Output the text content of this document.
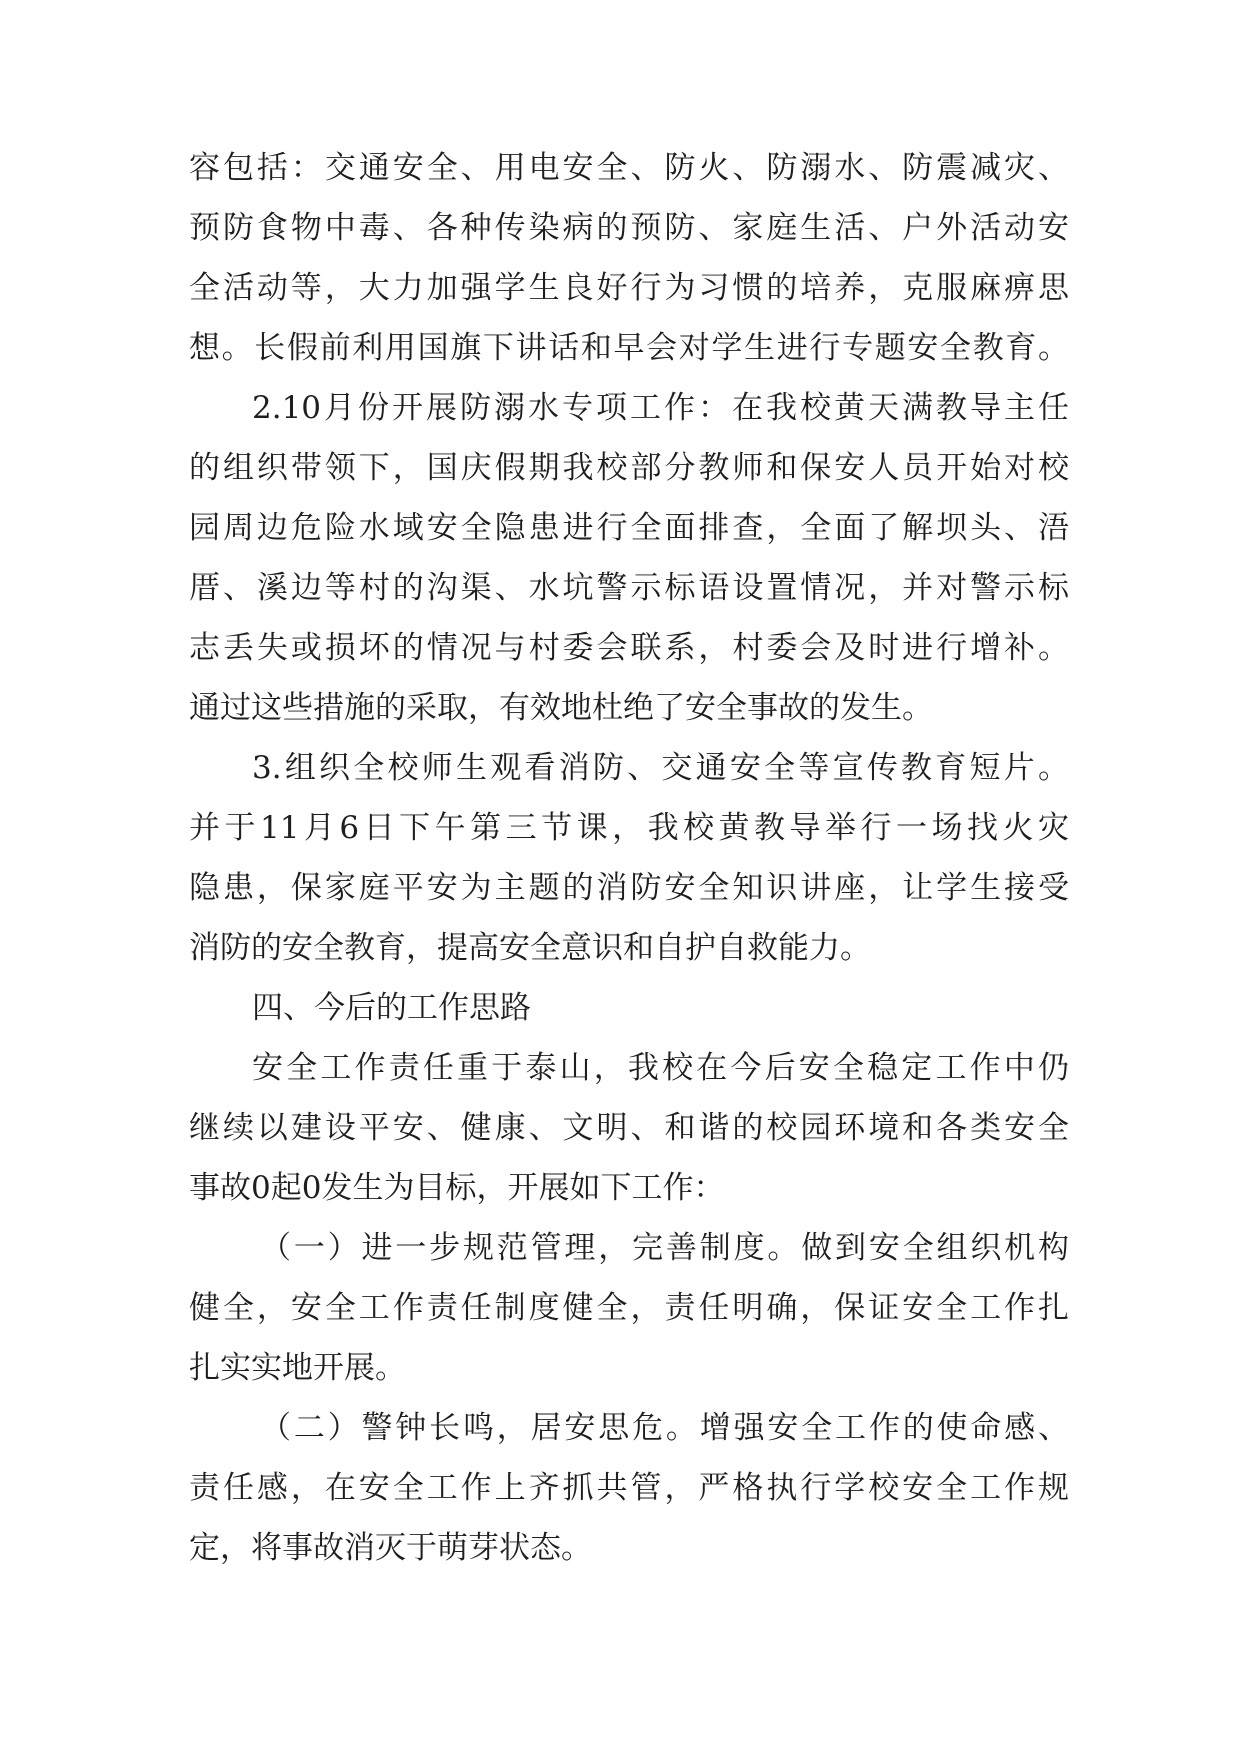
容包括：交通安全、用电安全、防火、防溺水、防震减灾、
预防食物中毒、各种传染病的预防、家庭生活、户外活动安
全活动等，大力加强学生良好行为习惯的培养，克服麻痹思
想。长假前利用国旗下讲话和早会对学生进行专题安全教育。
2.10月份开展防溺水专项工作：在我校黄天满教导主任
的组织带领下，国庆假期我校部分教师和保安人员开始对校
园周边危险水域安全隐患进行全面排查，全面了解坝头、浯
厝、溪边等村的沟渠、水坑警示标语设置情况，并对警示标
志丢失或损坏的情况与村委会联系，村委会及时进行增补。
通过这些措施的采取，有效地杜绝了安全事故的发生。
3.组织全校师生观看消防、交通安全等宣传教育短片。
并于11月6日下午第三节课，我校黄教导举行一场找火灾
隐患，保家庭平安为主题的消防安全知识讲座，让学生接受
消防的安全教育，提高安全意识和自护自救能力。
四、今后的工作思路
安全工作责任重于泰山，我校在今后安全稳定工作中仍
继续以建设平安、健康、文明、和谐的校园环境和各类安全
事故0起0发生为目标，开展如下工作：
（一）进一步规范管理，完善制度。做到安全组织机构
健全，安全工作责任制度健全，责任明确，保证安全工作扎
扎实实地开展。
（二）警钟长鸣，居安思危。增强安全工作的使命感、
责任感，在安全工作上齐抓共管，严格执行学校安全工作规
定，将事故消灭于萌芽状态。
